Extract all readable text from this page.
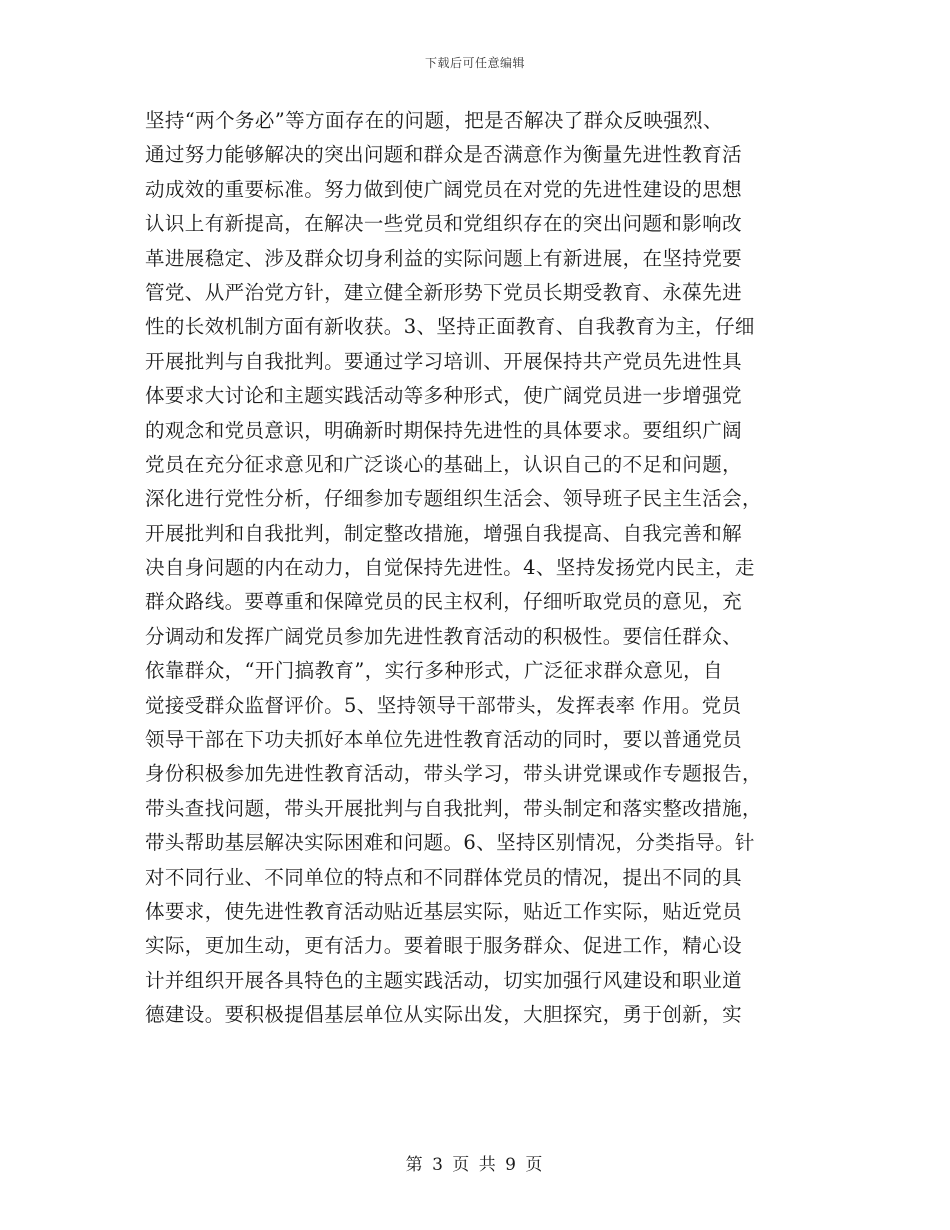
下载后可任意编辑
坚持“两个务必”等方面存在的问题，把是否解决了群众反映强烈、
通过努力能够解决的突出问题和群众是否满意作为衡量先进性教育活
动成效的重要标准。努力做到使广阔党员在对党的先进性建设的思想
认识上有新提高，在解决一些党员和党组织存在的突出问题和影响改
革进展稳定、涉及群众切身利益的实际问题上有新进展，在坚持党要
管党、从严治党方针，建立健全新形势下党员长期受教育、永葆先进
性的长效机制方面有新收获。3、坚持正面教育、自我教育为主，仔细
开展批判与自我批判。要通过学习培训、开展保持共产党员先进性具
体要求大讨论和主题实践活动等多种形式，使广阔党员进一步增强党
的观念和党员意识，明确新时期保持先进性的具体要求。要组织广阔
党员在充分征求意见和广泛谈心的基础上，认识自己的不足和问题，
深化进行党性分析，仔细参加专题组织生活会、领导班子民主生活会，
开展批判和自我批判，制定整改措施，增强自我提高、自我完善和解
决自身问题的内在动力，自觉保持先进性。4、坚持发扬党内民主，走
群众路线。要尊重和保障党员的民主权利，仔细听取党员的意见，充
分调动和发挥广阔党员参加先进性教育活动的积极性。要信任群众、
依靠群众，“开门搞教育”，实行多种形式，广泛征求群众意见，自
觉接受群众监督评价。5、坚持领导干部带头，发挥表率 作用。党员
领导干部在下功夫抓好本单位先进性教育活动的同时，要以普通党员
身份积极参加先进性教育活动，带头学习，带头讲党课或作专题报告，
带头查找问题，带头开展批判与自我批判，带头制定和落实整改措施，
带头帮助基层解决实际困难和问题。6、坚持区别情况，分类指导。针
对不同行业、不同单位的特点和不同群体党员的情况，提出不同的具
体要求，使先进性教育活动贴近基层实际，贴近工作实际，贴近党员
实际，更加生动，更有活力。要着眼于服务群众、促进工作，精心设
计并组织开展各具特色的主题实践活动，切实加强行风建设和职业道
德建设。要积极提倡基层单位从实际出发，大胆探究，勇于创新，实
第 3 页 共 9 页
